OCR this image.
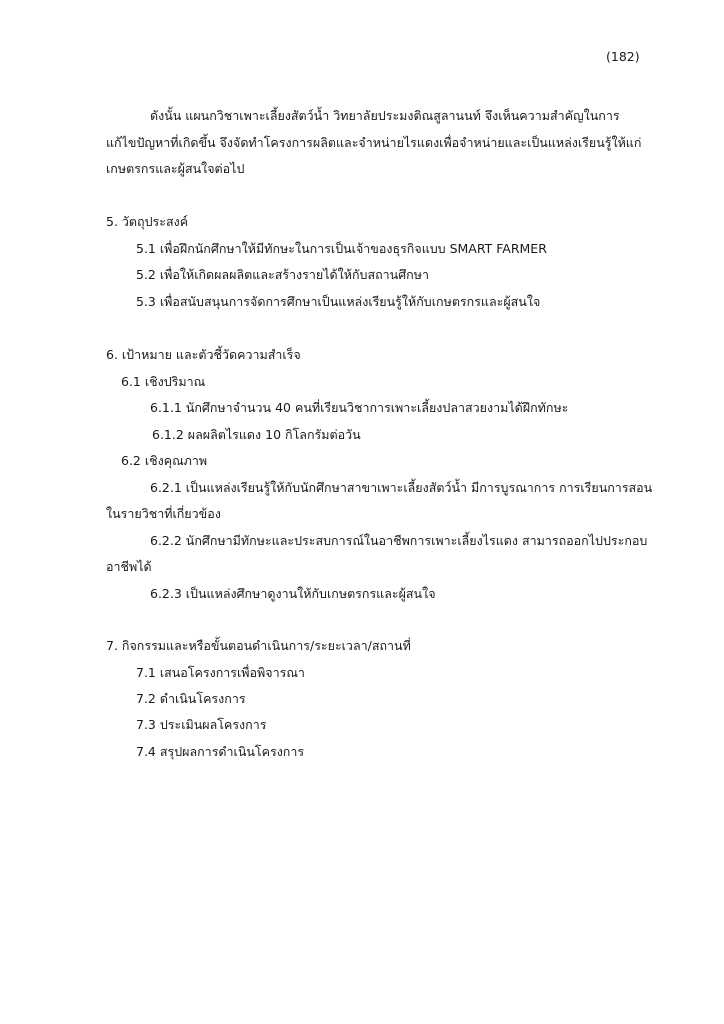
(182)

ดังนั้น แผนกวิชาเพาะเลี้ยงสัตว์น้ำ วิทยาลัยประมงติณสูลานนท์ จึงเห็นความสำคัญในการ

แก้ไขปัญหาที่เกิดขึ้น จึงจัดทำโครงการผลิตและจำหน่ายไรแดงเพื่อจำหน่ายและเป็นแหล่งเรียนรู้ให้แก่

เกษตรกรและผู้สนใจต่อไป

5. วัตถุประสงค์

5.1 เพื่อฝึกนักศึกษาให้มีทักษะในการเป็นเจ้าของธุรกิจแบบ SMART FARMER

5.2 เพื่อให้เกิดผลผลิตและสร้างรายได้ให้กับสถานศึกษา

5.3 เพื่อสนับสนุนการจัดการศึกษาเป็นแหล่งเรียนรู้ให้กับเกษตรกรและผู้สนใจ

6. เป้าหมาย และตัวชี้วัดความสำเร็จ

6.1 เชิงปริมาณ

6.1.1 นักศึกษาจำนวน 40 คนที่เรียนวิชาการเพาะเลี้ยงปลาสวยงามได้ฝึกทักษะ

6.1.2 ผลผลิตไรแดง 10 กิโลกรัมต่อวัน

6.2 เชิงคุณภาพ

6.2.1 เป็นแหล่งเรียนรู้ให้กับนักศึกษาสาขาเพาะเลี้ยงสัตว์น้ำ มีการบูรณาการ การเรียนการสอน

ในรายวิชาที่เกี่ยวข้อง

6.2.2 นักศึกษามีทักษะและประสบการณ์ในอาชีพการเพาะเลี้ยงไรแดง สามารถออกไปประกอบ

อาชีพได้

6.2.3 เป็นแหล่งศึกษาดูงานให้กับเกษตรกรและผู้สนใจ

7. กิจกรรมและหรือขั้นตอนดำเนินการ/ระยะเวลา/สถานที่

7.1 เสนอโครงการเพื่อพิจารณา

7.2 ดำเนินโครงการ

7.3 ประเมินผลโครงการ

7.4 สรุปผลการดำเนินโครงการ
